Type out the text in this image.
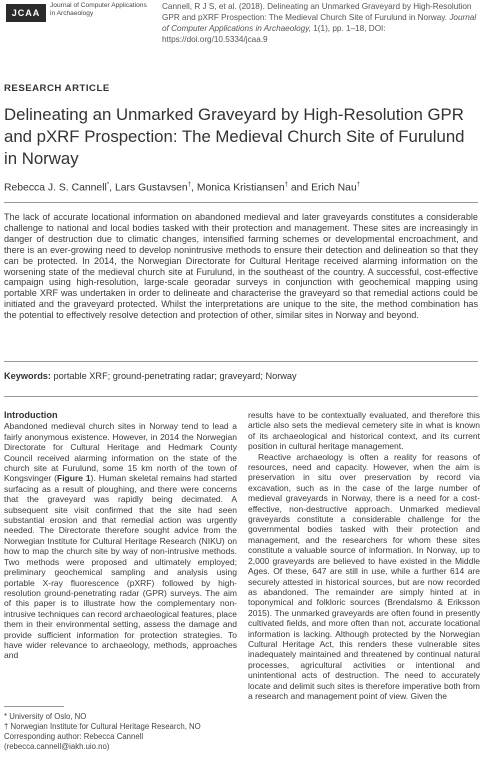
JCAA
Journal of Computer Applications in Archaeology
Cannell, R J S, et al. (2018). Delineating an Unmarked Graveyard by High-Resolution GPR and pXRF Prospection: The Medieval Church Site of Furulund in Norway. Journal of Computer Applications in Archaeology, 1(1), pp. 1–18, DOI: https://doi.org/10.5334/jcaa.9
RESEARCH ARTICLE
Delineating an Unmarked Graveyard by High-Resolution GPR and pXRF Prospection: The Medieval Church Site of Furulund in Norway
Rebecca J. S. Cannell*, Lars Gustavsen†, Monica Kristiansen† and Erich Nau†
The lack of accurate locational information on abandoned medieval and later graveyards constitutes a considerable challenge to national and local bodies tasked with their protection and management. These sites are increasingly in danger of destruction due to climatic changes, intensified farming schemes or developmental encroachment, and there is an ever-growing need to develop nonintrusive methods to ensure their detection and delineation so that they can be protected. In 2014, the Norwegian Directorate for Cultural Heritage received alarming information on the worsening state of the medieval church site at Furulund, in the southeast of the country. A successful, cost-effective campaign using high-resolution, large-scale georadar surveys in conjunction with geochemical mapping using portable XRF was undertaken in order to delineate and characterise the graveyard so that remedial actions could be initiated and the graveyard protected. Whilst the interpretations are unique to the site, the method combination has the potential to effectively resolve detection and protection of other, similar sites in Norway and beyond.
Keywords: portable XRF; ground-penetrating radar; graveyard; Norway
Introduction

Abandoned medieval church sites in Norway tend to lead a fairly anonymous existence. However, in 2014 the Norwegian Directorate for Cultural Heritage and Hedmark County Council received alarming information on the state of the church site at Furulund, some 15 km north of the town of Kongsvinger (Figure 1). Human skeletal remains had started surfacing as a result of ploughing, and there were concerns that the graveyard was rapidly being decimated. A subsequent site visit confirmed that the site had seen substantial erosion and that remedial action was urgently needed. The Directorate therefore sought advice from the Norwegian Institute for Cultural Heritage Research (NIKU) on how to map the church site by way of non-intrusive methods. Two methods were proposed and ultimately employed; preliminary geochemical sampling and analysis using portable X-ray fluorescence (pXRF) followed by high-resolution ground-penetrating radar (GPR) surveys. The aim of this paper is to illustrate how the complementary non-intrusive techniques can record archaeological features, place them in their environmental setting, assess the damage and provide sufficient information for protection strategies. To have wider relevance to archaeology, methods, approaches and

results have to be contextually evaluated, and therefore this article also sets the medieval cemetery site in what is known of its archaeological and historical context, and its current position in cultural heritage management.

Reactive archaeology is often a reality for reasons of resources, need and capacity. However, when the aim is preservation in situ over preservation by record via excavation, such as in the case of the large number of medieval graveyards in Norway, there is a need for a cost-effective, non-destructive approach. Unmarked medieval graveyards constitute a considerable challenge for the governmental bodies tasked with their protection and management, and the researchers for whom these sites constitute a valuable source of information. In Norway, up to 2,000 graveyards are believed to have existed in the Middle Ages. Of these, 647 are still in use, while a further 614 are securely attested in historical sources, but are now recorded as abandoned. The remainder are simply hinted at in toponymical and folkloric sources (Brendalsmo & Eriksson 2015). The unmarked graveyards are often found in presently cultivated fields, and more often than not, accurate locational information is lacking. Although protected by the Norwegian Cultural Heritage Act, this renders these vulnerable sites inadequately maintained and threatened by continual natural processes, agricultural activities or intentional and unintentional acts of destruction. The need to accurately locate and delimit such sites is therefore imperative both from a research and management point of view. Given the

* University of Oslo, NO

† Norwegian Institute for Cultural Heritage Research, NO

Corresponding author: Rebecca Cannell

(rebecca.cannell@iakh.uio.no)
